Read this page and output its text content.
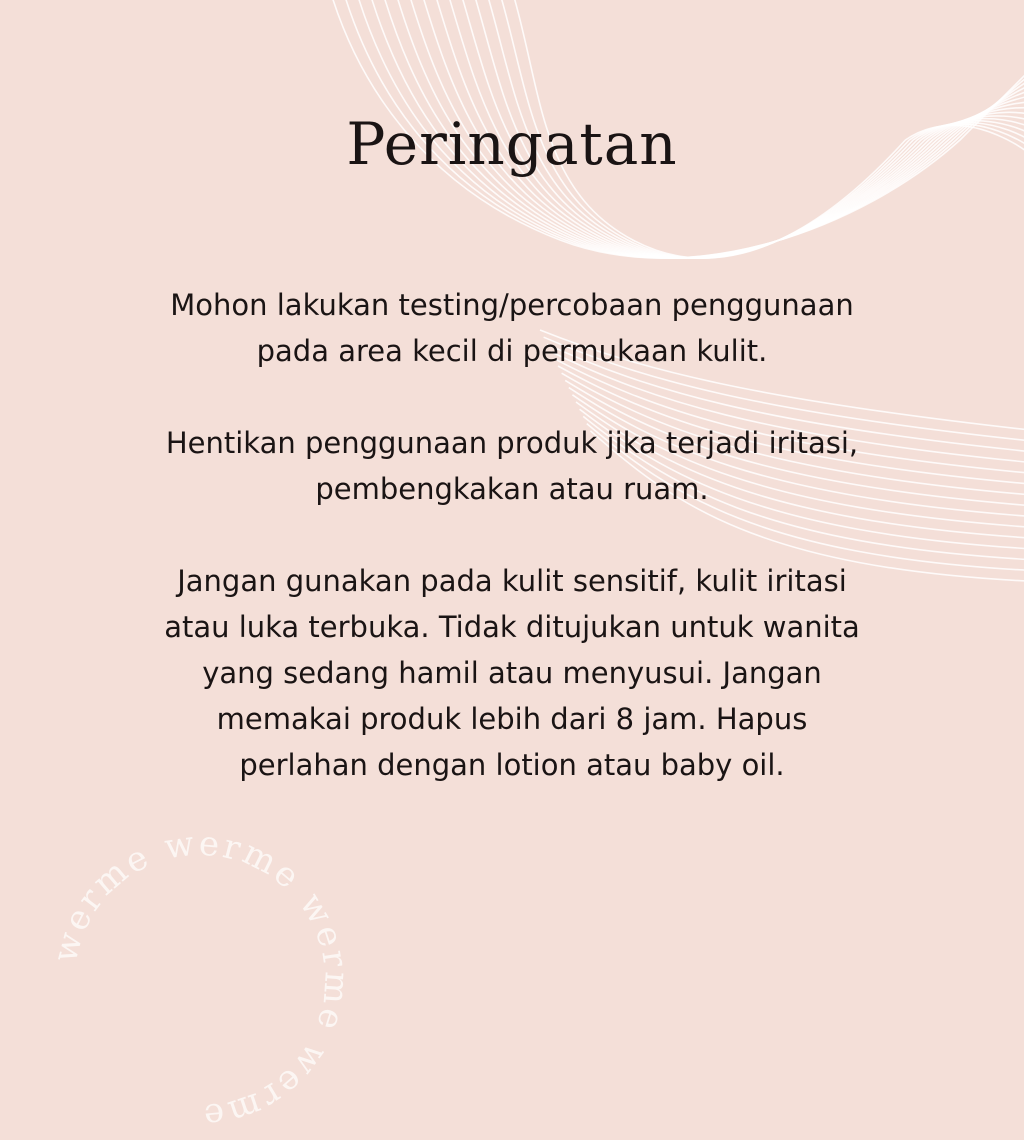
Peringatan

Mohon lakukan testing/percobaan penggunaan
pada area kecil di permukaan kulit.

Hentikan penggunaan produk jika terjadi iritasi,
pembengkakan atau ruam.

Jangan gunakan pada kulit sensitif, kulit iritasi
atau luka terbuka. Tidak ditujukan untuk wanita
yang sedang hamil atau menyusui. Jangan
memakai produk lebih dari 8 jam. Hapus
perlahan dengan lotion atau baby oil.

werme werme werme werme
